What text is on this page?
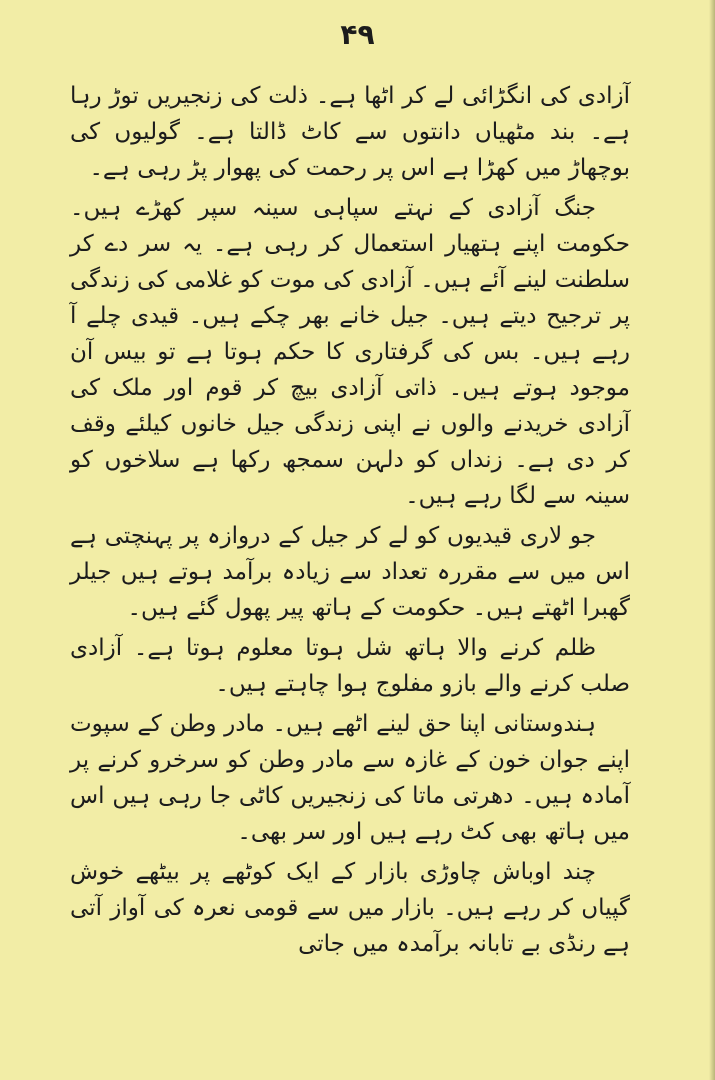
۴۹

آزادی کی انگڑائی لے کر اٹھا ہے۔ ذلت کی زنجیریں توڑ رہا ہے۔ بند مٹھیاں دانتوں سے کاٹ ڈالتا ہے۔ گولیوں کی بوچھاڑ میں کھڑا ہے اس پر رحمت کی پھوار پڑ رہی ہے۔

جنگ آزادی کے نہتے سپاہی سینہ سپر کھڑے ہیں۔ حکومت اپنے ہتھیار استعمال کر رہی ہے۔ یہ سر دے کر سلطنت لینے آئے ہیں۔ آزادی کی موت کو غلامی کی زندگی پر ترجیح دیتے ہیں۔ جیل خانے بھر چکے ہیں۔ قیدی چلے آ رہے ہیں۔ بس کی گرفتاری کا حکم ہوتا ہے تو بیس آن موجود ہوتے ہیں۔ ذاتی آزادی بیچ کر قوم اور ملک کی آزادی خریدنے والوں نے اپنی زندگی جیل خانوں کیلئے وقف کر دی ہے۔ زنداں کو دلہن سمجھ رکھا ہے سلاخوں کو سینہ سے لگا رہے ہیں۔

جو لاری قیدیوں کو لے کر جیل کے دروازہ پر پہنچتی ہے اس میں سے مقررہ تعداد سے زیادہ برآمد ہوتے ہیں جیلر گھبرا اٹھتے ہیں۔ حکومت کے ہاتھ پیر پھول گئے ہیں۔

ظلم کرنے والا ہاتھ شل ہوتا معلوم ہوتا ہے۔ آزادی صلب کرنے والے بازو مفلوج ہوا چاہتے ہیں۔

ہندوستانی اپنا حق لینے اٹھے ہیں۔ مادر وطن کے سپوت اپنے جوان خون کے غازہ سے مادر وطن کو سرخرو کرنے پر آمادہ ہیں۔ دھرتی ماتا کی زنجیریں کاٹی جا رہی ہیں اس میں ہاتھ بھی کٹ رہے ہیں اور سر بھی۔

چند اوباش چاوڑی بازار کے ایک کوٹھے پر بیٹھے خوش گپیاں کر رہے ہیں۔ بازار میں سے قومی نعرہ کی آواز آتی ہے رنڈی بے تابانہ برآمدہ میں جاتی
